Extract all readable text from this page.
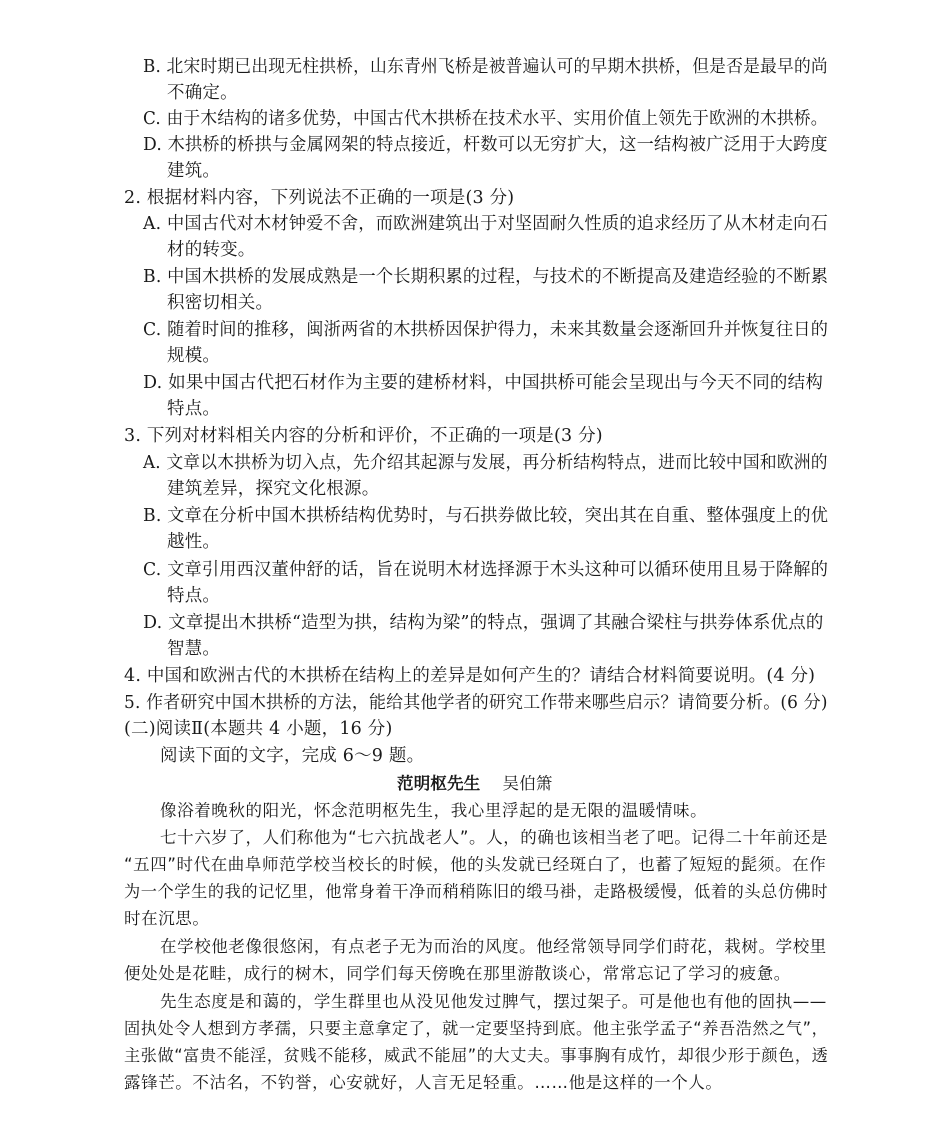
B. 北宋时期已出现无柱拱桥，山东青州飞桥是被普遍认可的早期木拱桥，但是否是最早的尚
不确定。
C. 由于木结构的诸多优势，中国古代木拱桥在技术水平、实用价值上领先于欧洲的木拱桥。
D. 木拱桥的桥拱与金属网架的特点接近，杆数可以无穷扩大，这一结构被广泛用于大跨度
建筑。
2. 根据材料内容，下列说法不正确的一项是(3 分)
A. 中国古代对木材钟爱不舍，而欧洲建筑出于对坚固耐久性质的追求经历了从木材走向石
材的转变。
B. 中国木拱桥的发展成熟是一个长期积累的过程，与技术的不断提高及建造经验的不断累
积密切相关。
C. 随着时间的推移，闽浙两省的木拱桥因保护得力，未来其数量会逐渐回升并恢复往日的
规模。
D. 如果中国古代把石材作为主要的建桥材料，中国拱桥可能会呈现出与今天不同的结构
特点。
3. 下列对材料相关内容的分析和评价，不正确的一项是(3 分)
A. 文章以木拱桥为切入点，先介绍其起源与发展，再分析结构特点，进而比较中国和欧洲的
建筑差异，探究文化根源。
B. 文章在分析中国木拱桥结构优势时，与石拱券做比较，突出其在自重、整体强度上的优
越性。
C. 文章引用西汉董仲舒的话，旨在说明木材选择源于木头这种可以循环使用且易于降解的
特点。
D. 文章提出木拱桥“造型为拱，结构为梁”的特点，强调了其融合梁柱与拱券体系优点的
智慧。
4. 中国和欧洲古代的木拱桥在结构上的差异是如何产生的？请结合材料简要说明。(4 分)
5. 作者研究中国木拱桥的方法，能给其他学者的研究工作带来哪些启示？请简要分析。(6 分)
(二)阅读Ⅱ(本题共 4 小题，16 分)
阅读下面的文字，完成 6～9 题。
范明枢先生 吴伯箫
像浴着晚秋的阳光，怀念范明枢先生，我心里浮起的是无限的温暖情味。
七十六岁了，人们称他为“七六抗战老人”。人，的确也该相当老了吧。记得二十年前还是
“五四”时代在曲阜师范学校当校长的时候，他的头发就已经斑白了，也蓄了短短的髭须。在作
为一个学生的我的记忆里，他常身着干净而稍稍陈旧的缎马褂，走路极缓慢，低着的头总仿佛时
时在沉思。
在学校他老像很悠闲，有点老子无为而治的风度。他经常领导同学们莳花，栽树。学校里
便处处是花畦，成行的树木，同学们每天傍晚在那里游散谈心，常常忘记了学习的疲惫。
先生态度是和蔼的，学生群里也从没见他发过脾气，摆过架子。可是他也有他的固执——
固执处令人想到方孝孺，只要主意拿定了，就一定要坚持到底。他主张学孟子“养吾浩然之气”，
主张做“富贵不能淫，贫贱不能移，威武不能屈”的大丈夫。事事胸有成竹，却很少形于颜色，透
露锋芒。不沽名，不钓誉，心安就好，人言无足轻重。……他是这样的一个人。
